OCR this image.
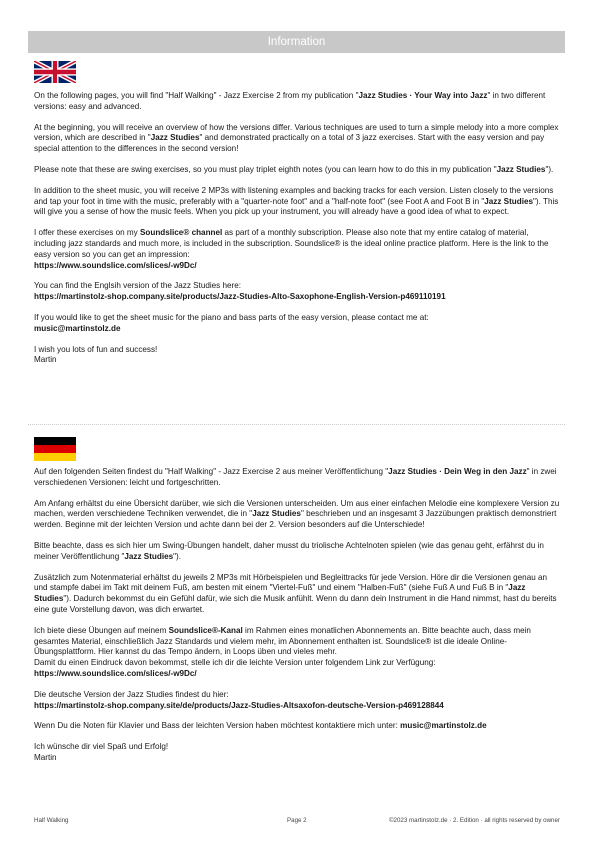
Information

On the following pages, you will find "Half Walking" - Jazz Exercise 2 from my publication "Jazz Studies · Your Way into Jazz" in two different versions: easy and advanced.

At the beginning, you will receive an overview of how the versions differ. Various techniques are used to turn a simple melody into a more complex version, which are described in "Jazz Studies" and demonstrated practically on a total of 3 jazz exercises. Start with the easy version and pay special attention to the differences in the second version!

Please note that these are swing exercises, so you must play triplet eighth notes (you can learn how to do this in my publication "Jazz Studies").

In addition to the sheet music, you will receive 2 MP3s with listening examples and backing tracks for each version. Listen closely to the versions and tap your foot in time with the music, preferably with a "quarter-note foot" and a "half-note foot" (see Foot A and Foot B in "Jazz Studies"). This will give you a sense of how the music feels. When you pick up your instrument, you will already have a good idea of what to expect.

I offer these exercises on my Soundslice® channel as part of a monthly subscription. Please also note that my entire catalog of material, including jazz standards and much more, is included in the subscription. Soundslice® is the ideal online practice platform. Here is the link to the easy version so you can get an impression:
https://www.soundslice.com/slices/-w9Dc/

You can find the Englsih version of the Jazz Studies here:
https://martinstolz-shop.company.site/products/Jazz-Studies-Alto-Saxophone-English-Version-p469110191

If you would like to get the sheet music for the piano and bass parts of the easy version, please contact me at:
music@martinstolz.de

I wish you lots of fun and success!
Martin

Auf den folgenden Seiten findest du "Half Walking" - Jazz Exercise 2 aus meiner Veröffentlichung "Jazz Studies · Dein Weg in den Jazz" in zwei verschiedenen Versionen: leicht und fortgeschritten.

Am Anfang erhältst du eine Übersicht darüber, wie sich die Versionen unterscheiden. Um aus einer einfachen Melodie eine komplexere Version zu machen, werden verschiedene Techniken verwendet, die in "Jazz Studies" beschrieben und an insgesamt 3 Jazzübungen praktisch demonstriert werden. Beginne mit der leichten Version und achte dann bei der 2. Version besonders auf die Unterschiede!

Bitte beachte, dass es sich hier um Swing-Übungen handelt, daher musst du triolische Achtelnoten spielen (wie das genau geht, erfährst du in meiner Veröffentlichung "Jazz Studies").

Zusätzlich zum Notenmaterial erhältst du jeweils 2 MP3s mit Hörbeispielen und Begleittracks für jede Version. Höre dir die Versionen genau an und stampfe dabei im Takt mit deinem Fuß, am besten mit einem "Viertel-Fuß" und einem "Halben-Fuß" (siehe Fuß A und Fuß B in "Jazz Studies"). Dadurch bekommst du ein Gefühl dafür, wie sich die Musik anfühlt. Wenn du dann dein Instrument in die Hand nimmst, hast du bereits eine gute Vorstellung davon, was dich erwartet.

Ich biete diese Übungen auf meinem Soundslice®-Kanal im Rahmen eines monatlichen Abonnements an. Bitte beachte auch, dass mein gesamtes Material, einschließlich Jazz Standards und vielem mehr, im Abonnement enthalten ist. Soundslice® ist die ideale Online-Übungsplattform. Hier kannst du das Tempo ändern, in Loops üben und vieles mehr.
Damit du einen Eindruck davon bekommst, stelle ich dir die leichte Version unter folgendem Link zur Verfügung:
https://www.soundslice.com/slices/-w9Dc/

Die deutsche Version der Jazz Studies findest du hier:
https://martinstolz-shop.company.site/de/products/Jazz-Studies-Altsaxofon-deutsche-Version-p469128844

Wenn Du die Noten für Klavier und Bass der leichten Version haben möchtest kontaktiere mich unter: music@martinstolz.de

Ich wünsche dir viel Spaß und Erfolg!
Martin

Half Walking	Page 2	©2023 martinstolz.de · 2. Edition · all rights reserved by owner
